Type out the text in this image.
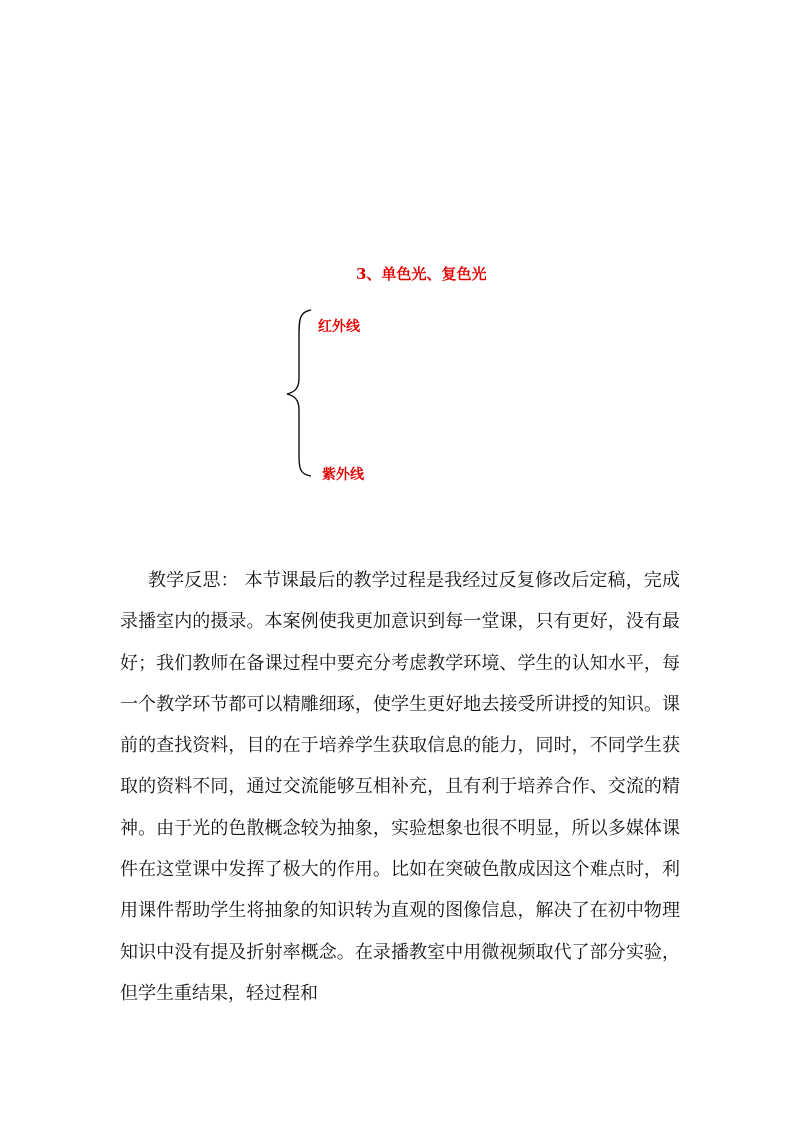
3、单色光、复色光
红外线
紫外线

教学反思： 本节课最后的教学过程是我经过反复修改后定稿，完成录播室内的摄录。本案例使我更加意识到每一堂课，只有更好，没有最好；我们教师在备课过程中要充分考虑教学环境、学生的认知水平，每一个教学环节都可以精雕细琢，使学生更好地去接受所讲授的知识。课前的查找资料，目的在于培养学生获取信息的能力，同时，不同学生获取的资料不同，通过交流能够互相补充，且有利于培养合作、交流的精神。由于光的色散概念较为抽象，实验想象也很不明显，所以多媒体课件在这堂课中发挥了极大的作用。比如在突破色散成因这个难点时，利用课件帮助学生将抽象的知识转为直观的图像信息，解决了在初中物理知识中没有提及折射率概念。在录播教室中用微视频取代了部分实验，但学生重结果，轻过程和
